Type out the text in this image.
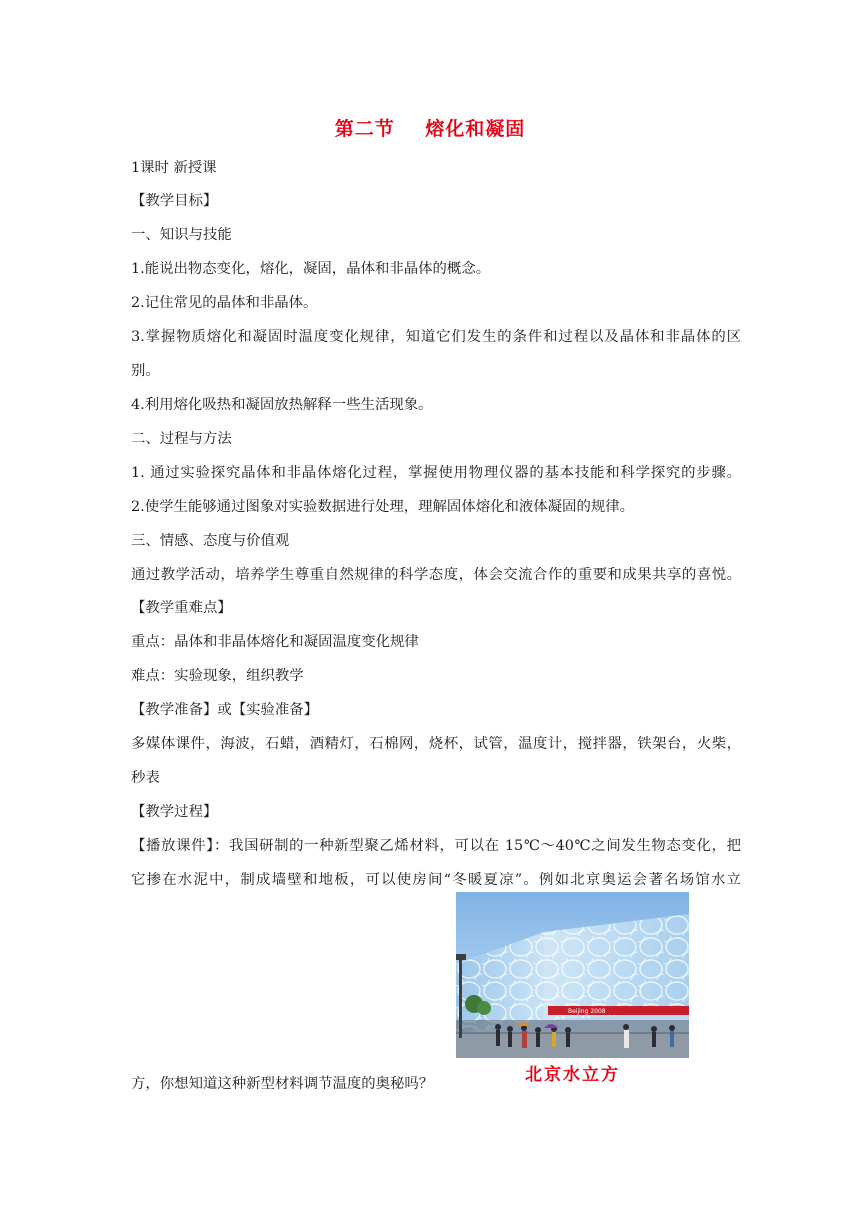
第二节    熔化和凝固
1课时 新授课
【教学目标】
一、知识与技能
1.能说出物态变化，熔化，凝固，晶体和非晶体的概念。
2.记住常见的晶体和非晶体。
3.掌握物质熔化和凝固时温度变化规律，知道它们发生的条件和过程以及晶体和非晶体的区
别。
4.利用熔化吸热和凝固放热解释一些生活现象。
二、过程与方法
1. 通过实验探究晶体和非晶体熔化过程，掌握使用物理仪器的基本技能和科学探究的步骤。
2.使学生能够通过图象对实验数据进行处理，理解固体熔化和液体凝固的规律。
三、情感、态度与价值观
通过教学活动，培养学生尊重自然规律的科学态度，体会交流合作的重要和成果共享的喜悦。
【教学重难点】
重点：晶体和非晶体熔化和凝固温度变化规律
难点：实验现象，组织教学
【教学准备】或【实验准备】
多媒体课件，海波，石蜡，酒精灯，石棉网，烧杯，试管，温度计，搅拌器，铁架台，火柴，
秒表
【教学过程】
【播放课件】：我国研制的一种新型聚乙烯材料，可以在 15℃～40℃之间发生物态变化，把
它掺在水泥中，制成墙壁和地板，可以使房间“冬暖夏凉”。例如北京奥运会著名场馆水立
方，你想知道这种新型材料调节温度的奥秘吗？
Beijing 2008
北京水立方
